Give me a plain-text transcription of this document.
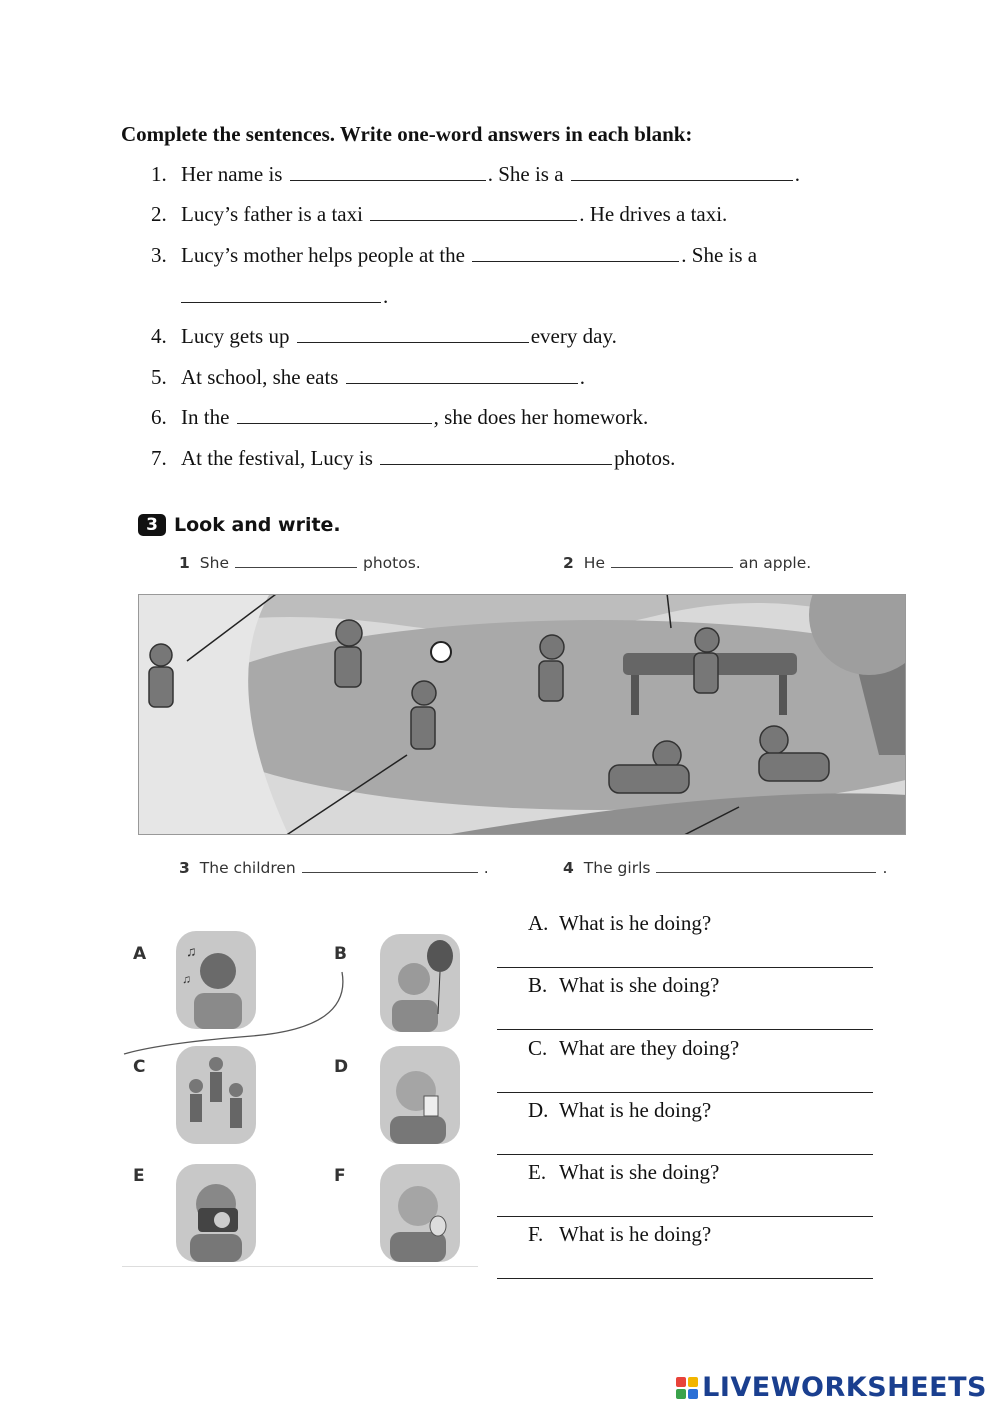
Complete the sentences. Write one-word answers in each blank:
1. Her name is	. She is a	.
2. Lucy’s father is a taxi	. He drives a taxi.
3. Lucy’s mother helps people at the	. She is a
.
4. Lucy gets up	every day.
5. At school, she eats	.
6. In the	, she does her homework.
7. At the festival, Lucy is	photos.
3 Look and write.
1 She	photos.	2 He	an apple.
3 The children	.	4 The girls	.
A	B
C	D
E	F
♫
♫
A. What is he doing?
B. What is she doing?
C. What are they doing?
D. What is he doing?
E. What is she doing?
F. What is he doing?
LIVEWORKSHEETS
